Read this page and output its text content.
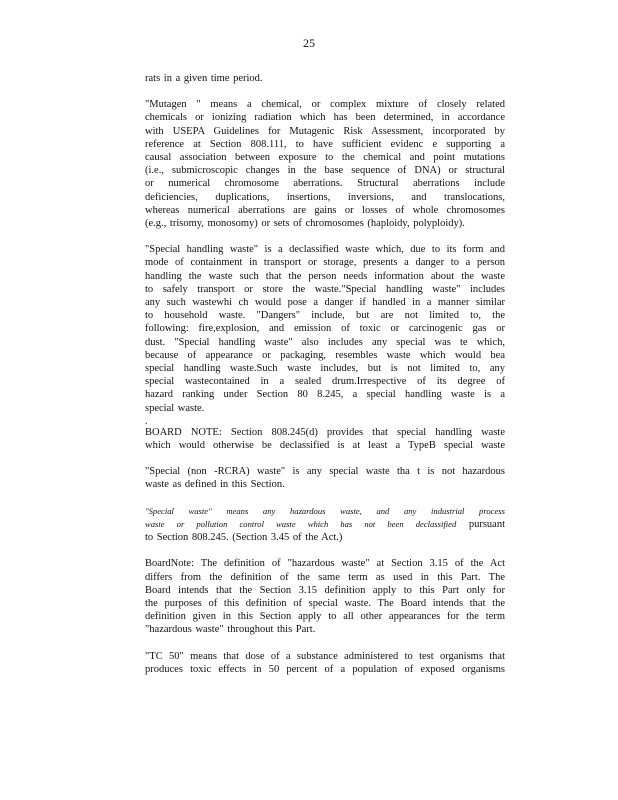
25
rats in a given time period.
"Mutagen " means a chemical, or complex mixture of closely related
chemicals or ionizing radiation which has been determined, in accordance
with USEPA Guidelines for Mutagenic Risk Assessment, incorporated by
reference at Section 808.111, to have sufficient evidenc e supporting a
causal association between exposure to the chemical and point mutations
(i.e., submicroscopic changes in the base sequence of DNA) or structural
or numerical chromosome aberrations. Structural aberrations include
deficiencies, duplications, insertions, inversions, and translocations,
whereas numerical aberrations are gains or losses of whole chromosomes
(e.g., trisomy, monosomy) or sets of chromosomes (haploidy, polyploidy).
"Special handling waste" is a declassified waste which, due to its form and
mode of containment in transport or storage, presents a danger to a person
handling the waste such that the person needs information about the waste
to safely transport or store the waste."Special handling waste" includes
any such wastewhi ch would pose a danger if handled in a manner similar
to household waste. "Dangers" include, but are not limited to, the
following: fire,explosion, and emission of toxic or carcinogenic gas or
dust. "Special handling waste" also includes any special was te which,
because of appearance or packaging, resembles waste which would bea
special handling waste.Such waste includes, but is not limited to, any
special wastecontained in a sealed drum.Irrespective of its degree of
hazard ranking under Section 80 8.245, a special handling waste is a
special waste.
.
BOARD NOTE: Section 808.245(d) provides that special handling waste
which would otherwise be declassified is at least a TypeB special waste
"Special (non -RCRA) waste" is any special waste tha t is not hazardous
waste as defined in this Section.
"Special waste" means any hazardous waste, and any industrial process
waste or pollution control waste which has not been declassified pursuant
to Section 808.245. (Section 3.45 of the Act.)
BoardNote: The definition of "hazardous waste" at Section 3.15 of the Act
differs from the definition of the same term as used in this Part. The
Board intends that the Section 3.15 definition apply to this Part only for
the purposes of this definition of special waste. The Board intends that the
definition given in this Section apply to all other appearances for the term
"hazardous waste" throughout this Part.
"TC 50" means that dose of a substance administered to test organisms that
produces toxic effects in 50 percent of a population of exposed organisms
